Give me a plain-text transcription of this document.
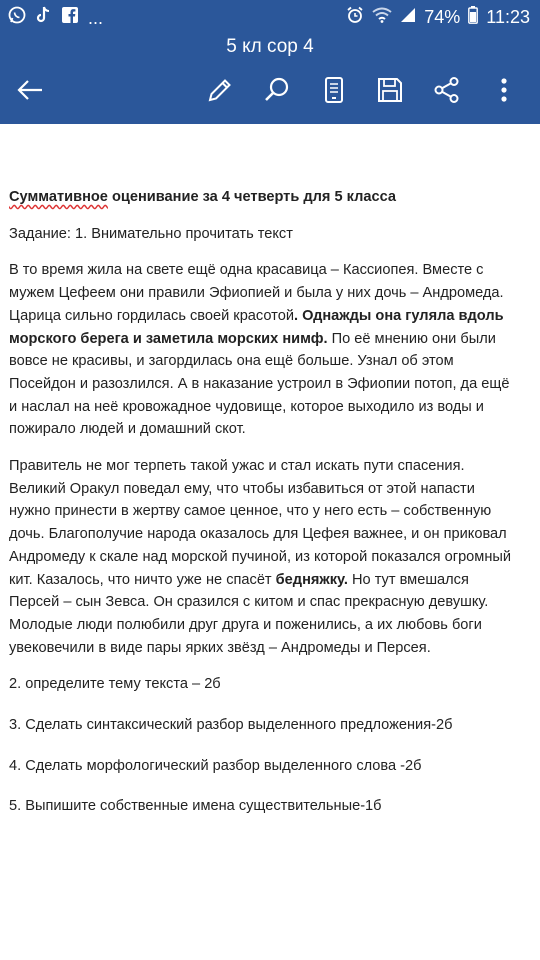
...	74% 11:23
5 кл сор 4

Суммативное оценивание за 4 четверть для 5 класса

Задание: 1. Внимательно прочитать текст

В то время жила на свете ещё одна красавица – Кассиопея. Вместе с мужем Цефеем они правили Эфиопией и была у них дочь – Андромеда. Царица сильно гордилась своей красотой. Однажды она гуляла вдоль морского берега и заметила морских нимф. По её мнению они были вовсе не красивы, и загордилась она ещё больше. Узнал об этом Посейдон и разозлился. А в наказание устроил в Эфиопии потоп, да ещё и наслал на неё кровожадное чудовище, которое выходило из воды и пожирало людей и домашний скот.

Правитель не мог терпеть такой ужас и стал искать пути спасения. Великий Оракул поведал ему, что чтобы избавиться от этой напасти нужно принести в жертву самое ценное, что у него есть – собственную дочь. Благополучие народа оказалось для Цефея важнее, и он приковал Андромеду к скале над морской пучиной, из которой показался огромный кит. Казалось, что ничто уже не спасёт бедняжку. Но тут вмешался Персей – сын Зевса. Он сразился с китом и спас прекрасную девушку. Молодые люди полюбили друг друга и поженились, а их любовь боги увековечили в виде пары ярких звёзд – Андромеды и Персея.

2. определите тему текста – 2б

3. Сделать синтаксический разбор выделенного предложения-2б

4. Сделать морфологический разбор выделенного слова -2б

5. Выпишите собственные имена существительные-1б
